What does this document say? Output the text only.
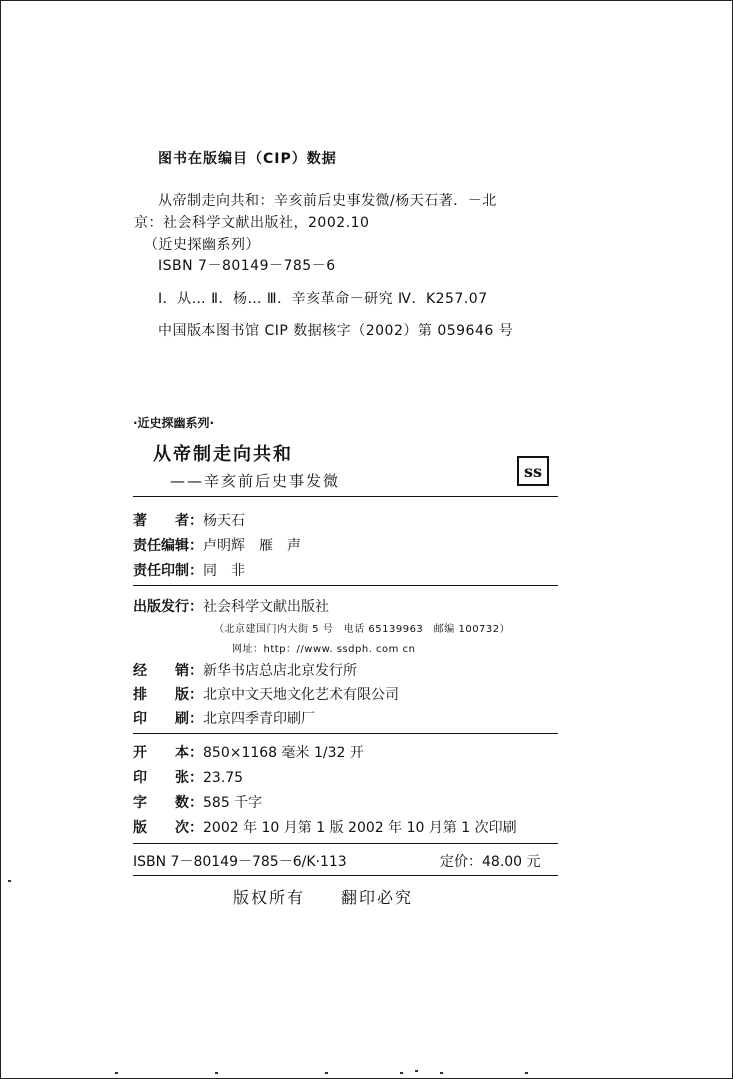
图书在版编目（CIP）数据
从帝制走向共和：辛亥前后史事发微/杨天石著．－北
京：社会科学文献出版社，2002.10
（近史探幽系列）
ISBN 7－80149－785－6
Ⅰ．从… Ⅱ．杨… Ⅲ．辛亥革命－研究 Ⅳ．K257.07
中国版本图书馆 CIP 数据核字（2002）第 059646 号
·近史探幽系列·
从帝制走向共和
——辛亥前后史事发微
ss
著　　者：杨天石
责任编辑：卢明辉　雁　声
责任印制：同　非
出版发行：社会科学文献出版社
（北京建国门内大街 5 号　电话 65139963　邮编 100732）
网址：http：//www. ssdph. com cn
经　　销：新华书店总店北京发行所
排　　版：北京中文天地文化艺术有限公司
印　　刷：北京四季青印刷厂
开　　本：850×1168 毫米 1/32 开
印　　张：23.75
字　　数：585 千字
版　　次：2002 年 10 月第 1 版 2002 年 10 月第 1 次印刷
ISBN 7－80149－785－6/K·113	定价：48.00 元
版权所有　　翻印必究
